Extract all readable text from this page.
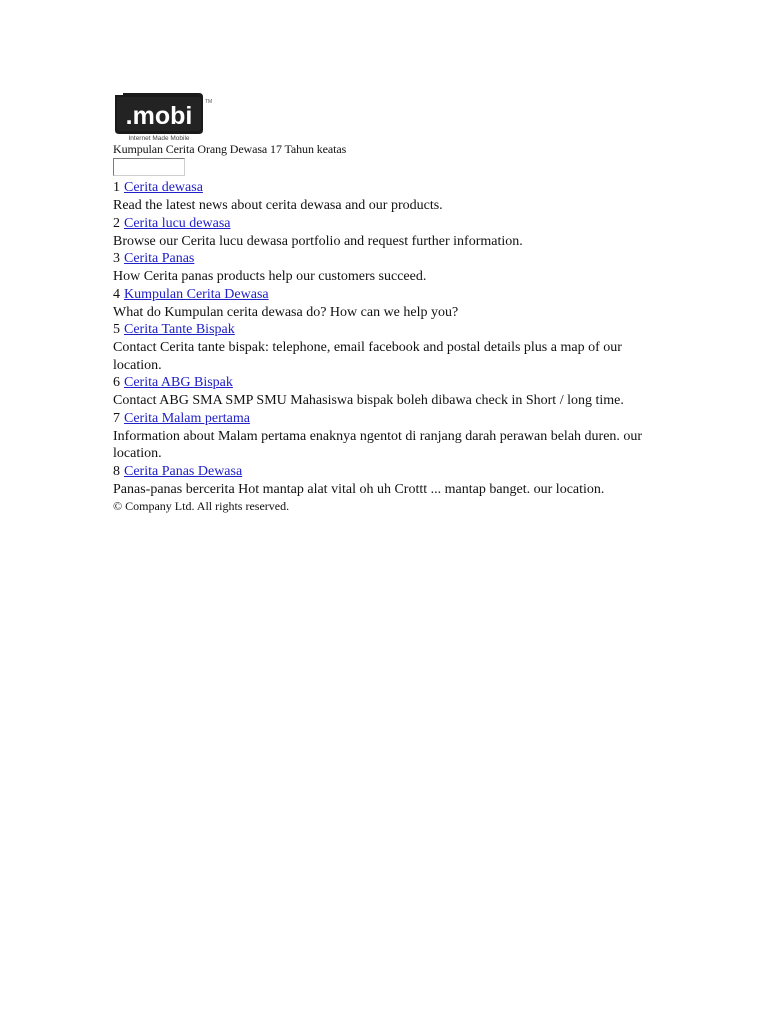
.mobi	TM
Internet Made Mobile
Kumpulan Cerita Orang Dewasa 17 Tahun keatas
1 Cerita dewasa
Read the latest news about cerita dewasa and our products.
2 Cerita lucu dewasa
Browse our Cerita lucu dewasa portfolio and request further information.
3 Cerita Panas
How Cerita panas products help our customers succeed.
4 Kumpulan Cerita Dewasa
What do Kumpulan cerita dewasa do? How can we help you?
5 Cerita Tante Bispak
Contact Cerita tante bispak: telephone, email facebook and postal details plus a map of our location.
6 Cerita ABG Bispak
Contact ABG SMA SMP SMU Mahasiswa bispak boleh dibawa check in Short / long time.
7 Cerita Malam pertama
Information about Malam pertama enaknya ngentot di ranjang darah perawan belah duren. our location.
8 Cerita Panas Dewasa
Panas-panas bercerita Hot mantap alat vital oh uh Crottt ... mantap banget. our location.
© Company Ltd. All rights reserved.
